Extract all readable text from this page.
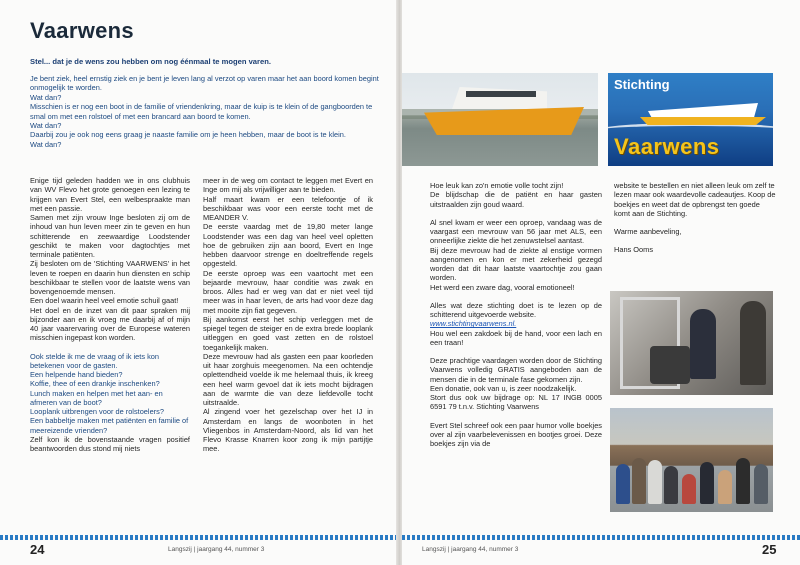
Vaarwens
Stel... dat je de wens zou hebben om nog éénmaal te mogen varen.

Je bent ziek, heel ernstig ziek en je bent je leven lang al verzot op varen maar het aan boord komen begint onmogelijk te worden.

Wat dan?

Misschien is er nog een boot in de familie of vriendenkring, maar de kuip is te klein of de gangboorden te smal om met een rolstoel of met een brancard aan boord te komen.

Wat dan?

Daarbij zou je ook nog eens graag je naaste familie om je heen hebben, maar de boot is te klein.

Wat dan?

Enige tijd geleden hadden we in ons clubhuis van WV Flevo het grote genoegen een lezing te krijgen van Evert Stel, een welbespraakte man met een passie.

Samen met zijn vrouw Inge besloten zij om de inhoud van hun leven meer zin te geven en hun schitterende en zeewaardige Loodstender geschikt te maken voor dagtochtjes met terminale patiënten.

Zij besloten om de 'Stichting VAARWENS' in het leven te roepen en daarin hun diensten en schip beschikbaar te stellen voor de laatste wens van bovengenoemde mensen.

Een doel waarin heel veel emotie schuil gaat!

Het doel en de inzet van dit paar spraken mij bijzonder aan en ik vroeg me daarbij af of mijn 40 jaar vaarervaring over de Europese wateren misschien ingepast kon worden.

Ook stelde ik me de vraag of ik iets kon betekenen voor de gasten.

Een helpende hand bieden?

Koffie, thee of een drankje inschenken?

Lunch maken en helpen met het aan- en afmeren van de boot?

Looplank uitbrengen voor de rolstoelers?

Een babbeltje maken met patiënten en familie of meereizende vrienden?

Zelf kon ik de bovenstaande vragen positief beantwoorden dus stond mij niets

meer in de weg om contact te leggen met Evert en Inge om mij als vrijwilliger aan te bieden.

Half maart kwam er een telefoontje of ik beschikbaar was voor een eerste tocht met de MEANDER V.

De eerste vaardag met de 19,80 meter lange Loodstender was een dag van heel veel opletten hoe de gebruiken zijn aan boord, Evert en Inge hebben daarvoor strenge en doeltreffende regels opgesteld.

De eerste oproep was een vaartocht met een bejaarde mevrouw, haar conditie was zwak en broos. Alles had er weg van dat er niet veel tijd meer was in haar leven, de arts had voor deze dag met mooite zijn fiat gegeven.

Bij aankomst eerst het schip verleggen met de spiegel tegen de steiger en de extra brede looplank uitleggen en goed vast zetten en de rolstoel toegankelijk maken.

Deze mevrouw had als gasten een paar koorleden uit haar zorghuis meegenomen. Na een ochtendje oplettendheid voelde ik me helemaal thuis, ik kreeg een heel warm gevoel dat ik iets mocht bijdragen aan de warmte die van deze liefdevolle tocht uitstraalde.

Al zingend voer het gezelschap over het IJ in Amsterdam en langs de woonboten in het Vliegenbos in Amsterdam-Noord, als lid van het Flevo Krasse Knarren koor zong ik mijn partijtje mee.

24	Langszij | jaargang 44, nummer 3
Stichting
Vaarwens

Hoe leuk kan zo'n emotie volle tocht zijn!

De blijdschap die de patiënt en haar gasten uitstraalden zijn goud waard.

Al snel kwam er weer een oproep, vandaag was de vaargast een mevrouw van 56 jaar met ALS, een onneerlijke ziekte die het zenuwstelsel aantast.

Bij deze mevrouw had de ziekte al enstige vormen aangenomen en kon er met zekerheid gezegd worden dat dit haar laatste vaartochtje zou gaan worden.

Het werd een zware dag, vooral emotioneel!

Alles wat deze stichting doet is te lezen op de schitterend uitgevoerde website.

www.stichtingvaarwens.nl.

Hou wel een zakdoek bij de hand, voor een lach en een traan!

Deze prachtige vaardagen worden door de Stichting Vaarwens volledig GRATIS aangeboden aan de mensen die in de terminale fase gekomen zijn.

Een donatie, ook van u, is zeer noodzakelijk.

Stort dus ook uw bijdrage op: NL 17 INGB 0005 6591 79 t.n.v. Stichting Vaarwens

Evert Stel schreef ook een paar humor volle boekjes over al zijn vaarbelevenissen en bootjes groei. Deze boekjes zijn via de

website te bestellen en niet alleen leuk om zelf te lezen maar ook waardevolle cadeautjes. Koop de boekjes en weet dat de opbrengst ten goede komt aan de Stichting.

Warme aanbeveling,

Hans Ooms

Langszij | jaargang 44, nummer 3	25
